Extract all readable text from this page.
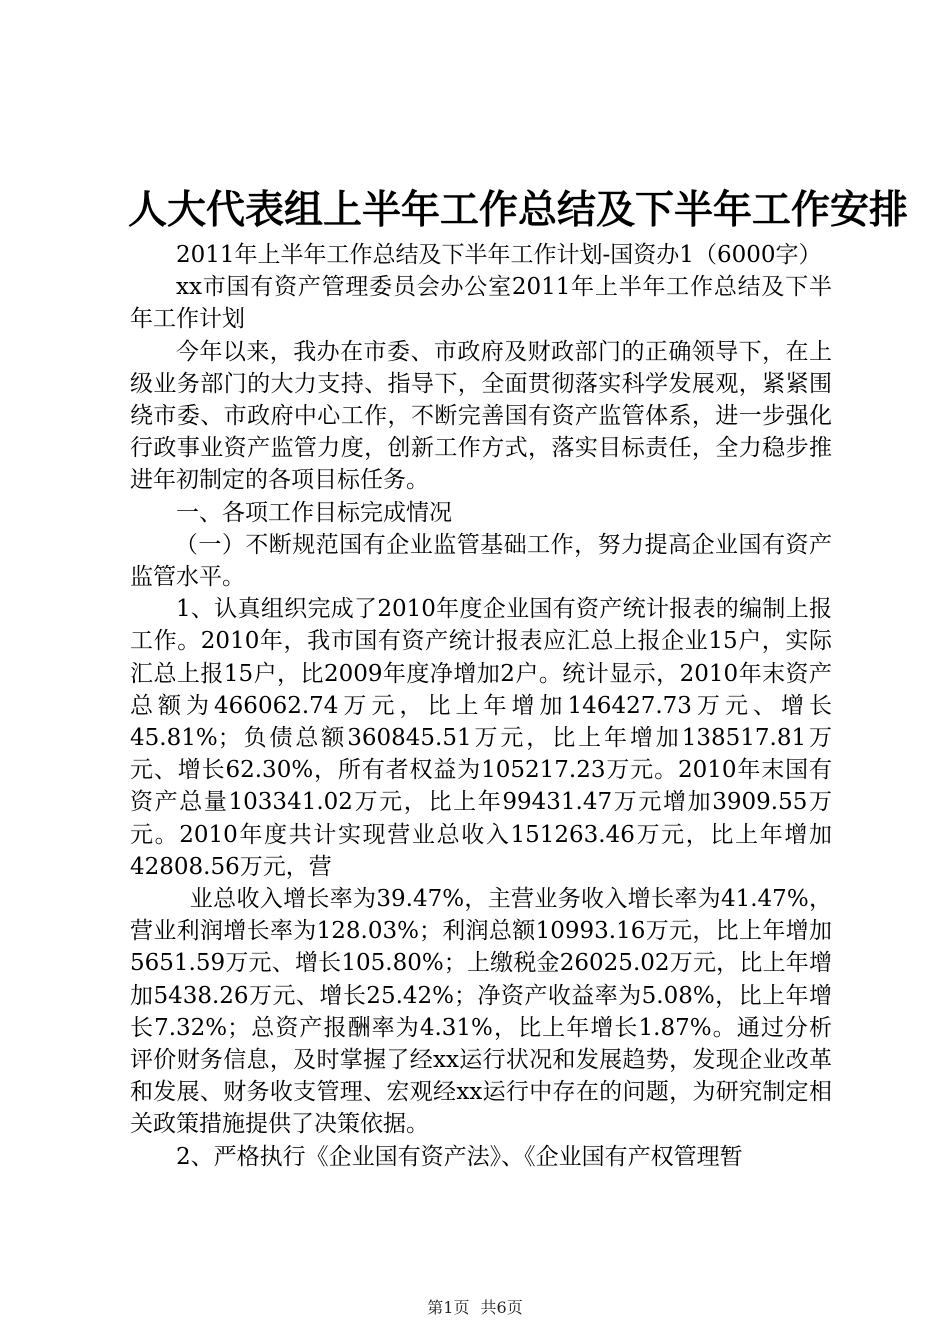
人大代表组上半年工作总结及下半年工作安排

2011年上半年工作总结及下半年工作计划-国资办1（6000字）

xx市国有资产管理委员会办公室2011年上半年工作总结及下半年工作计划

今年以来，我办在市委、市政府及财政部门的正确领导下，在上级业务部门的大力支持、指导下，全面贯彻落实科学发展观，紧紧围绕市委、市政府中心工作，不断完善国有资产监管体系，进一步强化行政事业资产监管力度，创新工作方式，落实目标责任，全力稳步推进年初制定的各项目标任务。

一、各项工作目标完成情况

（一）不断规范国有企业监管基础工作，努力提高企业国有资产监管水平。

1、认真组织完成了2010年度企业国有资产统计报表的编制上报工作。2010年，我市国有资产统计报表应汇总上报企业15户，实际汇总上报15户，比2009年度净增加2户。统计显示，2010年末资产总额为466062.74万元，比上年增加146427.73万元、增长45.81%；负债总额360845.51万元，比上年增加138517.81万元、增长62.30%，所有者权益为105217.23万元。2010年末国有资产总量103341.02万元，比上年99431.47万元增加3909.55万元。2010年度共计实现营业总收入151263.46万元，比上年增加42808.56万元，营

业总收入增长率为39.47%，主营业务收入增长率为41.47%，营业利润增长率为128.03%；利润总额10993.16万元，比上年增加5651.59万元、增长105.80%；上缴税金26025.02万元，比上年增加5438.26万元、增长25.42%；净资产收益率为5.08%，比上年增长7.32%；总资产报酬率为4.31%，比上年增长1.87%。通过分析评价财务信息，及时掌握了经xx运行状况和发展趋势，发现企业改革和发展、财务收支管理、宏观经xx运行中存在的问题，为研究制定相关政策措施提供了决策依据。

2、严格执行《企业国有资产法》、《企业国有产权管理暂

第1页 共6页
